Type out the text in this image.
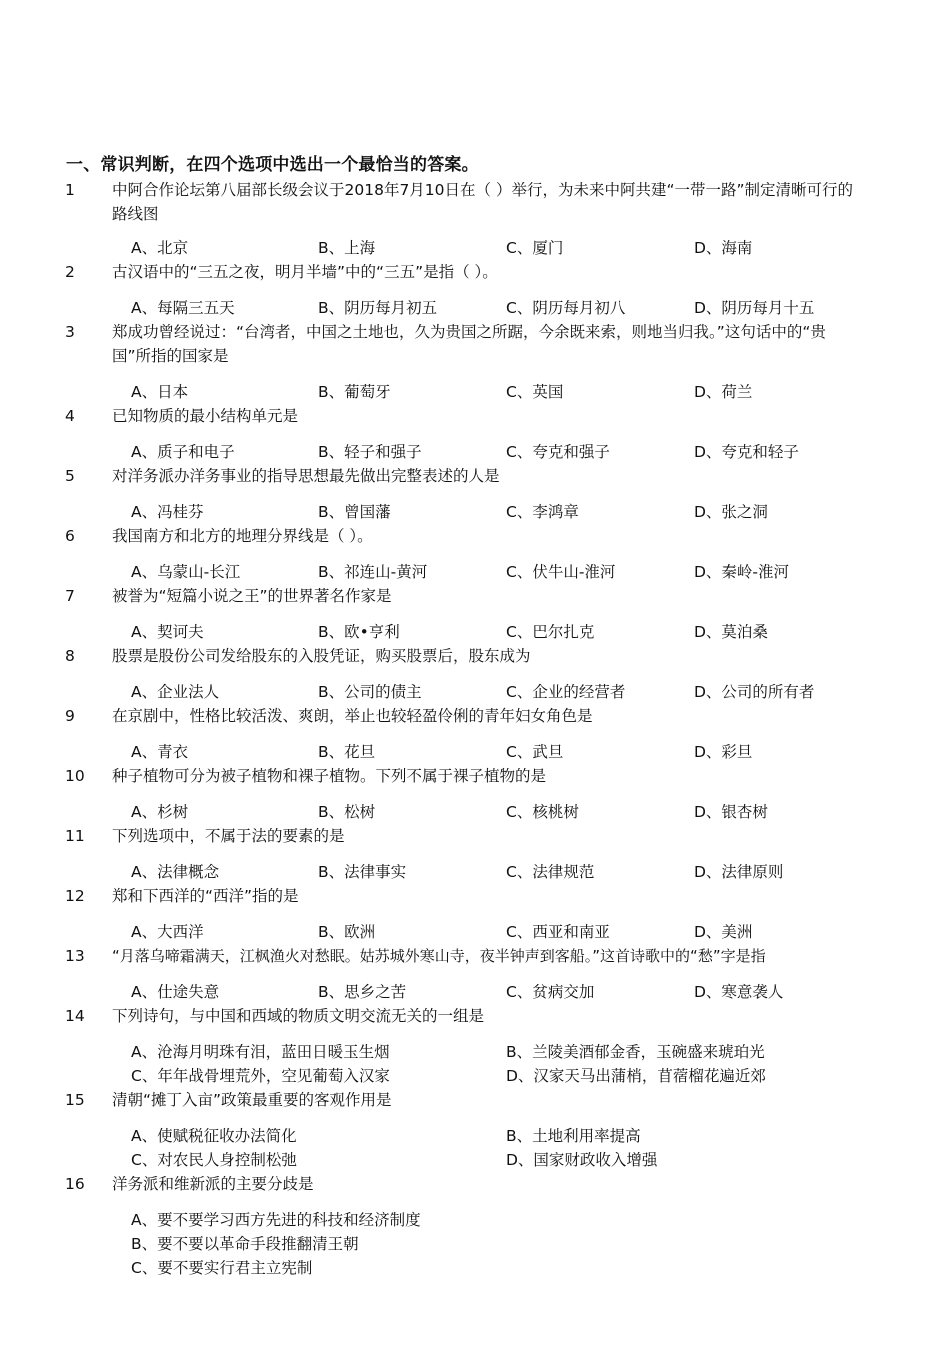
一、常识判断，在四个选项中选出一个最恰当的答案。
1 中阿合作论坛第八届部长级会议于2018年7月10日在（ ）举行，为未来中阿共建“一带一路”制定清晰可行的路线图
A、北京	B、上海	C、厦门	D、海南
2 古汉语中的“三五之夜，明月半墙”中的“三五”是指（ ）。
A、每隔三五天	B、阴历每月初五	C、阴历每月初八	D、阴历每月十五
3 郑成功曾经说过：“台湾者，中国之土地也，久为贵国之所踞，今余既来索，则地当归我。”这句话中的“贵国”所指的国家是
A、日本	B、葡萄牙	C、英国	D、荷兰
4 已知物质的最小结构单元是
A、质子和电子	B、轻子和强子	C、夸克和强子	D、夸克和轻子
5 对洋务派办洋务事业的指导思想最先做出完整表述的人是
A、冯桂芬	B、曾国藩	C、李鸿章	D、张之洞
6 我国南方和北方的地理分界线是（ ）。
A、乌蒙山-长江	B、祁连山-黄河	C、伏牛山-淮河	D、秦岭-淮河
7 被誉为“短篇小说之王”的世界著名作家是
A、契诃夫	B、欧•亨利	C、巴尔扎克	D、莫泊桑
8 股票是股份公司发给股东的入股凭证，购买股票后，股东成为
A、企业法人	B、公司的债主	C、企业的经营者	D、公司的所有者
9 在京剧中，性格比较活泼、爽朗，举止也较轻盈伶俐的青年妇女角色是
A、青衣	B、花旦	C、武旦	D、彩旦
10 种子植物可分为被子植物和裸子植物。下列不属于裸子植物的是
A、杉树	B、松树	C、核桃树	D、银杏树
11 下列选项中，不属于法的要素的是
A、法律概念	B、法律事实	C、法律规范	D、法律原则
12 郑和下西洋的“西洋”指的是
A、大西洋	B、欧洲	C、西亚和南亚	D、美洲
13 “月落乌啼霜满天，江枫渔火对愁眠。姑苏城外寒山寺，夜半钟声到客船。”这首诗歌中的“愁”字是指
A、仕途失意	B、思乡之苦	C、贫病交加	D、寒意袭人
14 下列诗句，与中国和西域的物质文明交流无关的一组是
A、沧海月明珠有泪，蓝田日暖玉生烟	B、兰陵美酒郁金香，玉碗盛来琥珀光
C、年年战骨埋荒外，空见葡萄入汉家	D、汉家天马出蒲梢，苜蓿榴花遍近郊
15 清朝“摊丁入亩”政策最重要的客观作用是
A、使赋税征收办法简化	B、土地利用率提高
C、对农民人身控制松弛	D、国家财政收入增强
16 洋务派和维新派的主要分歧是
A、要不要学习西方先进的科技和经济制度
B、要不要以革命手段推翻清王朝
C、要不要实行君主立宪制
